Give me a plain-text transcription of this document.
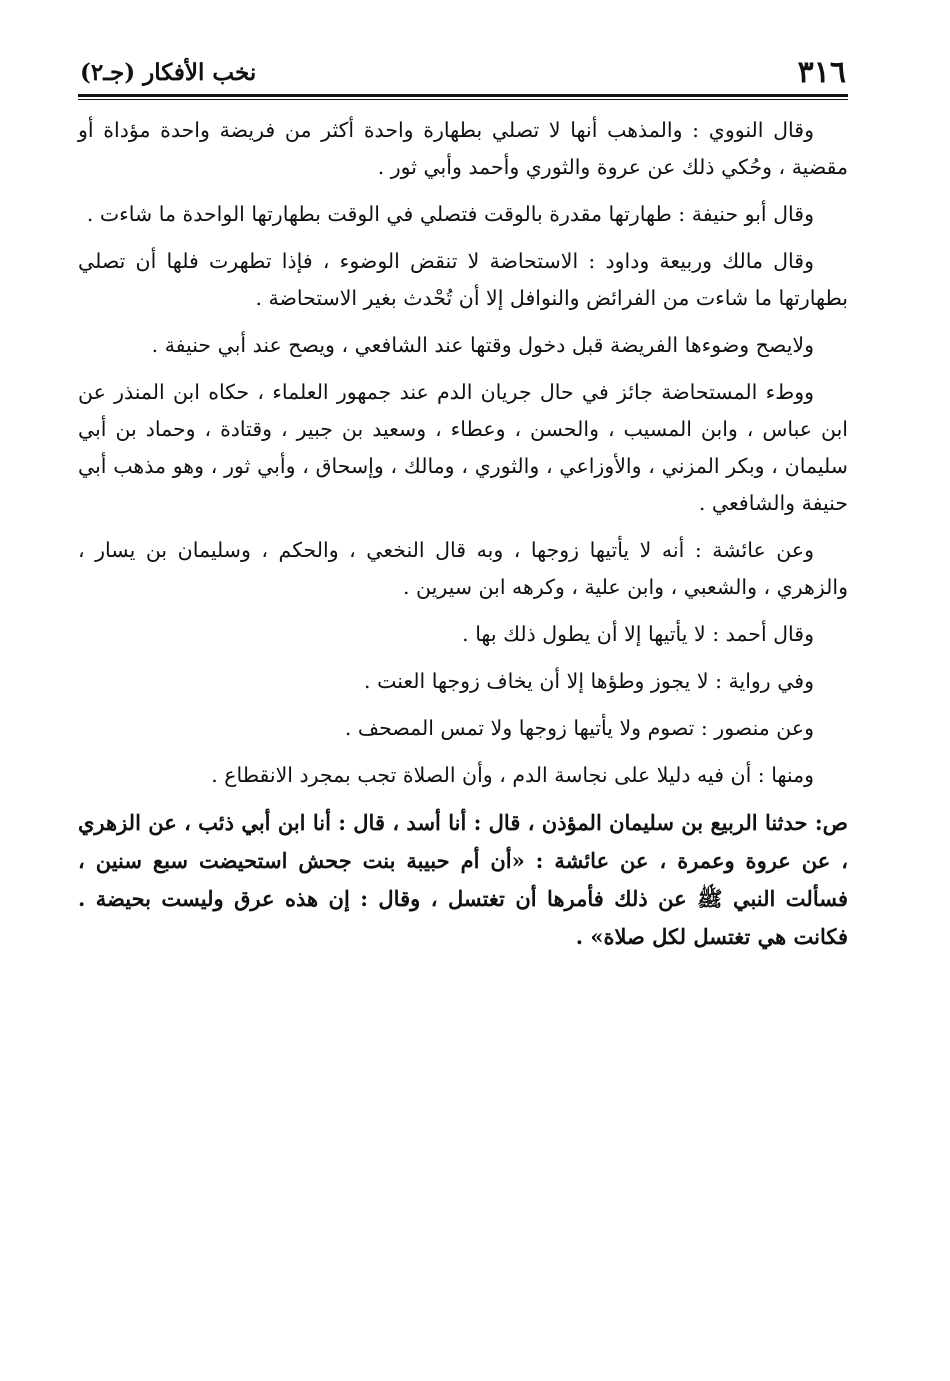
٣١٦
نخب الأفكار (جـ٢)

وقال النووي : والمذهب أنها لا تصلي بطهارة واحدة أكثر من فريضة واحدة مؤداة أو مقضية ، وحُكي ذلك عن عروة والثوري وأحمد وأبي ثور .

وقال أبو حنيفة : طهارتها مقدرة بالوقت فتصلي في الوقت بطهارتها الواحدة ما شاءت .

وقال مالك وربيعة وداود : الاستحاضة لا تنقض الوضوء ، فإذا تطهرت فلها أن تصلي بطهارتها ما شاءت من الفرائض والنوافل إلا أن تُحْدث بغير الاستحاضة .

ولايصح وضوءها الفريضة قبل دخول وقتها عند الشافعي ، ويصح عند أبي حنيفة .

ووطء المستحاضة جائز في حال جريان الدم عند جمهور العلماء ، حكاه ابن المنذر عن ابن عباس ، وابن المسيب ، والحسن ، وعطاء ، وسعيد بن جبير ، وقتادة ، وحماد بن أبي سليمان ، وبكر المزني ، والأوزاعي ، والثوري ، ومالك ، وإسحاق ، وأبي ثور ، وهو مذهب أبي حنيفة والشافعي .

وعن عائشة : أنه لا يأتيها زوجها ، وبه قال النخعي ، والحكم ، وسليمان بن يسار ، والزهري ، والشعبي ، وابن علية ، وكرهه ابن سيرين .

وقال أحمد : لا يأتيها إلا أن يطول ذلك بها .

وفي رواية : لا يجوز وطؤها إلا أن يخاف زوجها العنت .

وعن منصور : تصوم ولا يأتيها زوجها ولا تمس المصحف .

ومنها : أن فيه دليلا على نجاسة الدم ، وأن الصلاة تجب بمجرد الانقطاع .

ص: حدثنا الربيع بن سليمان المؤذن ، قال : أنا أسد ، قال : أنا ابن أبي ذئب ، عن الزهري ، عن عروة وعمرة ، عن عائشة : «أن أم حبيبة بنت جحش استحيضت سبع سنين ، فسألت النبي ﷺ عن ذلك فأمرها أن تغتسل ، وقال : إن هذه عرق وليست بحيضة . فكانت هي تغتسل لكل صلاة» .
